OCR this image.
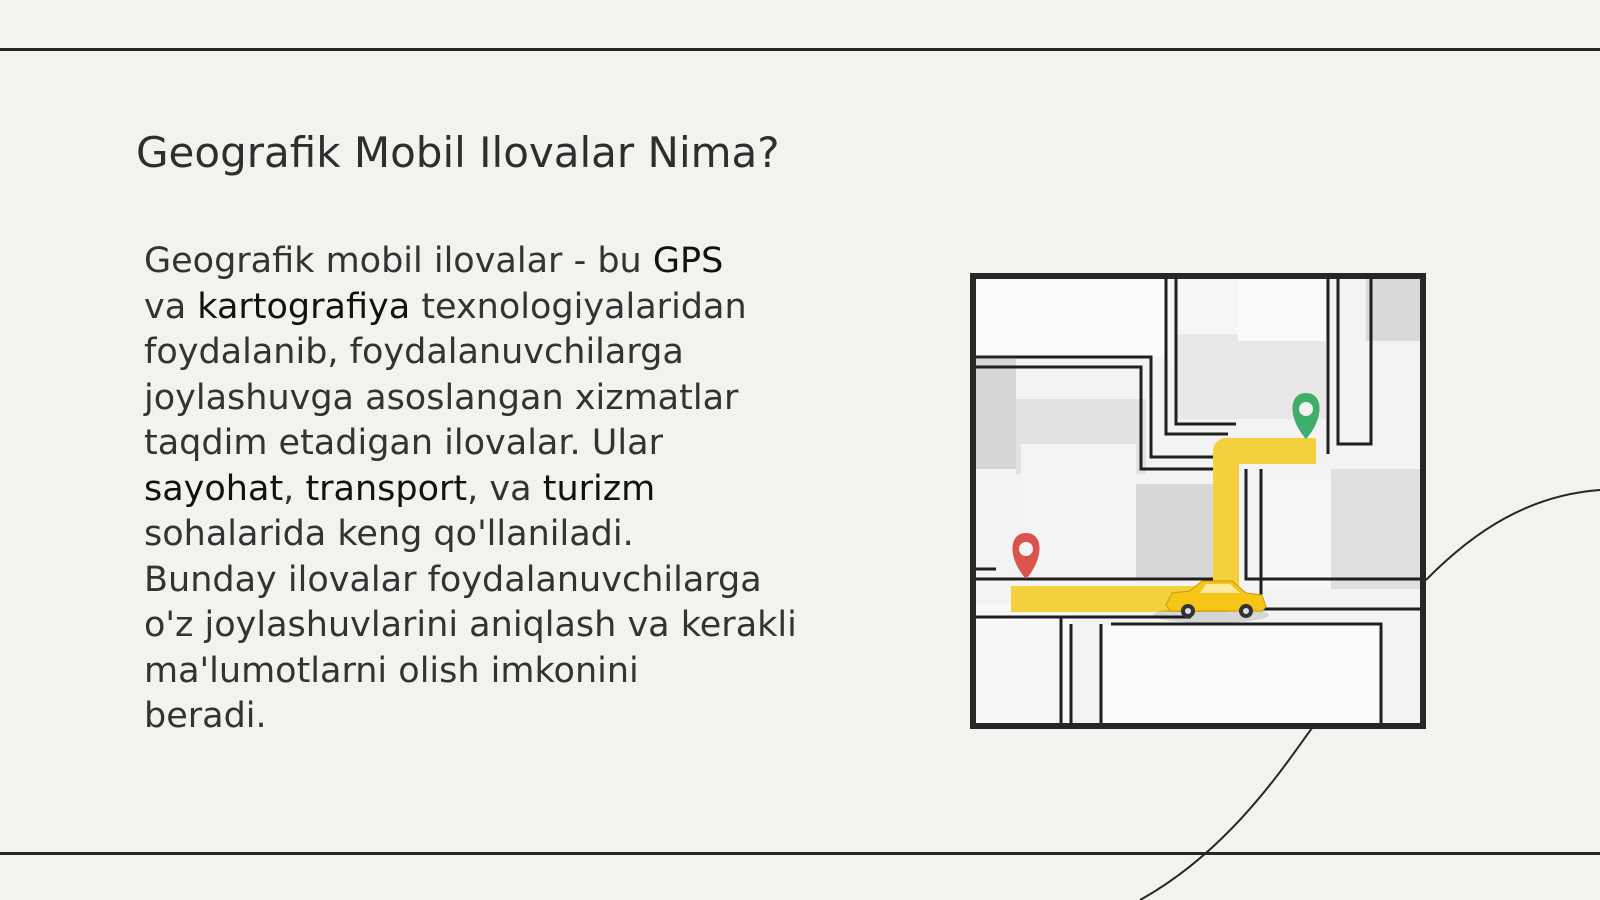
Geografik Mobil Ilovalar Nima?
Geografik mobil ilovalar - bu GPS
va kartografiya texnologiyalaridan
foydalanib, foydalanuvchilarga
joylashuvga asoslangan xizmatlar
taqdim etadigan ilovalar. Ular
sayohat, transport, va turizm
sohalarida keng qo'llaniladi.
Bunday ilovalar foydalanuvchilarga
o'z joylashuvlarini aniqlash va kerakli
ma'lumotlarni olish imkonini
beradi.
